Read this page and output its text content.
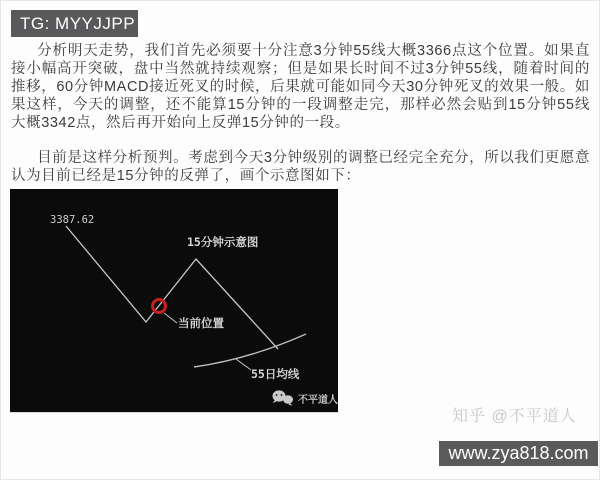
TG: MYYJJPP

分析明天走势，我们首先必须要十分注意3分钟55线大概3366点这个位置。如果直接小幅高开突破，盘中当然就持续观察；但是如果长时间不过3分钟55线，随着时间的推移，60分钟MACD接近死叉的时候，后果就可能如同今天30分钟死叉的效果一般。如果这样，今天的调整，还不能算15分钟的一段调整走完，那样必然会贴到15分钟55线大概3342点，然后再开始向上反弹15分钟的一段。

目前是这样分析预判。考虑到今天3分钟级别的调整已经完全充分，所以我们更愿意认为目前已经是15分钟的反弹了，画个示意图如下：

3387.62
15分钟示意图
当前位置
55日均线
不平道人
知乎 @不平道人
www.zya818.com
